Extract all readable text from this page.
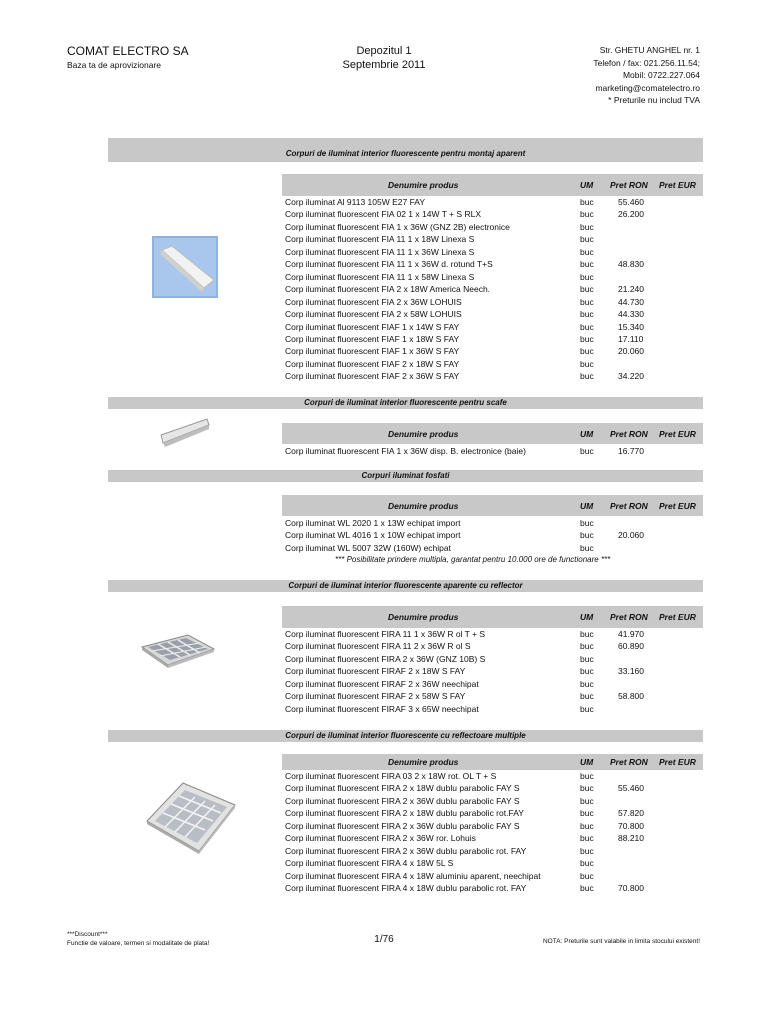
COMAT ELECTRO SA
Baza ta de aprovizionare
Depozitul 1
Septembrie 2011
Str. GHETU ANGHEL nr. 1
Telefon / fax: 021.256.11.54;
Mobil: 0722.227.064
marketing@comatelectro.ro
* Preturile nu includ TVA
Corpuri de iluminat interior fluorescente pentru montaj aparent
Denumire produs	UM Pret RON Pret EUR
Corp iluminat Al 9113 105W E27 FAY	buc	55.460
Corp iluminat fluorescent FIA 02 1 x 14W T + S RLX	buc	26.200
Corp iluminat fluorescent FIA 1 x 36W (GNZ 2B) electronice	buc
Corp iluminat fluorescent FIA 11 1 x 18W Linexa S	buc
Corp iluminat fluorescent FIA 11 1 x 36W Linexa S	buc
Corp iluminat fluorescent FIA 11 1 x 36W d. rotund T+S	buc	48.830
Corp iluminat fluorescent FIA 11 1 x 58W Linexa S	buc
Corp iluminat fluorescent FIA 2 x 18W America Neech.	buc	21.240
Corp iluminat fluorescent FIA 2 x 36W LOHUIS	buc	44.730
Corp iluminat fluorescent FIA 2 x 58W LOHUIS	buc	44.330
Corp iluminat fluorescent FIAF 1 x 14W S FAY	buc	15.340
Corp iluminat fluorescent FIAF 1 x 18W S FAY	buc	17.110
Corp iluminat fluorescent FIAF 1 x 36W S FAY	buc	20.060
Corp iluminat fluorescent FIAF 2 x 18W S FAY	buc
Corp iluminat fluorescent FIAF 2 x 36W S FAY	buc	34.220
Corpuri de iluminat interior fluorescente pentru scafe
Denumire produs	UM Pret RON Pret EUR
Corp iluminat fluorescent FIA 1 x 36W disp. B. electronice (baie)	buc	16.770
Corpuri iluminat fosfati
Denumire produs	UM Pret RON Pret EUR
Corp iluminat WL 2020 1 x 13W echipat import	buc
Corp iluminat WL 4016 1 x 10W echipat import	buc	20.060
Corp iluminat WL 5007 32W (160W) echipat	buc
*** Posibilitate prindere multipla, garantat pentru 10.000 ore de functionare ***
Corpuri de iluminat interior fluorescente aparente cu reflector
Denumire produs	UM Pret RON Pret EUR
Corp iluminat fluorescent FIRA 11 1 x 36W R ol T + S	buc	41.970
Corp iluminat fluorescent FIRA 11 2 x 36W R ol S	buc	60.890
Corp iluminat fluorescent FIRA 2 x 36W (GNZ 10B) S	buc
Corp iluminat fluorescent FIRAF 2 x 18W S FAY	buc	33.160
Corp iluminat fluorescent FIRAF 2 x 36W neechipat	buc
Corp iluminat fluorescent FIRAF 2 x 58W S FAY	buc	58.800
Corp iluminat fluorescent FIRAF 3 x 65W neechipat	buc
Corpuri de iluminat interior fluorescente cu reflectoare multiple
Denumire produs	UM Pret RON Pret EUR
Corp iluminat fluorescent FIRA 03 2 x 18W rot. OL T + S	buc
Corp iluminat fluorescent FIRA 2 x 18W dublu parabolic FAY S	buc	55.460
Corp iluminat fluorescent FIRA 2 x 36W dublu parabolic FAY S	buc
Corp iluminat fluorescent FIRA 2 x 18W dublu parabolic rot.FAY	buc	57.820
Corp iluminat fluorescent FIRA 2 x 36W dublu parabolic FAY S	buc	70.800
Corp iluminat fluorescent FIRA 2 x 36W ror. Lohuis	buc	88.210
Corp iluminat fluorescent FIRA 2 x 36W dublu parabolic rot. FAY	buc
Corp iluminat fluorescent FIRA 4 x 18W 5L S	buc
Corp iluminat fluorescent FIRA 4 x 18W aluminiu aparent, neechipat	buc
Corp iluminat fluorescent FIRA 4 x 18W dublu parabolic rot. FAY	buc	70.800
***Discount***
Functie de valoare, termen si modalitate de plata!	1/76	NOTA: Preturile sunt valabile in limita stocului existent!
